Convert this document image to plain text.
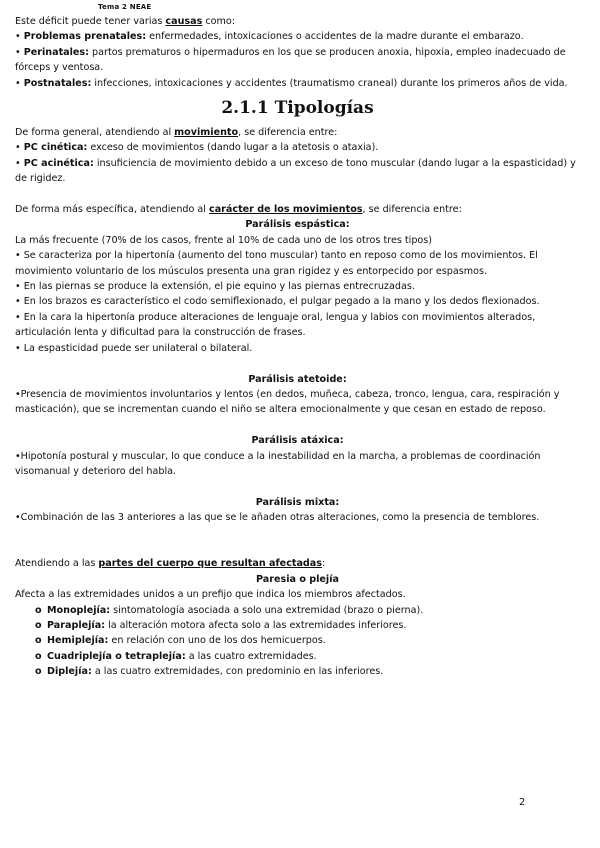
Tema 2 NEAE

Este déficit puede tener varias causas como:

• Problemas prenatales: enfermedades, intoxicaciones o accidentes de la madre durante el embarazo.

• Perinatales: partos prematuros o hipermaduros en los que se producen anoxia, hipoxia, empleo inadecuado de fórceps y ventosa.

• Postnatales: infecciones, intoxicaciones y accidentes (traumatismo craneal) durante los primeros años de vida.

2.1.1 Tipologías

De forma general, atendiendo al movimiento, se diferencia entre:

• PC cinética: exceso de movimientos (dando lugar a la atetosis o ataxia).

• PC acinética: insuficiencia de movimiento debido a un exceso de tono muscular (dando lugar a la espasticidad) y de rigidez.

De forma más específica, atendiendo al carácter de los movimientos, se diferencia entre:

Parálisis espástica:

La más frecuente (70% de los casos, frente al 10% de cada uno de los otros tres tipos)

• Se caracteriza por la hipertonía (aumento del tono muscular) tanto en reposo como de los movimientos. El movimiento voluntario de los músculos presenta una gran rigidez y es entorpecido por espasmos.

• En las piernas se produce la extensión, el pie equino y las piernas entrecruzadas.

• En los brazos es característico el codo semiflexionado, el pulgar pegado a la mano y los dedos flexionados.

• En la cara la hipertonía produce alteraciones de lenguaje oral, lengua y labios con movimientos alterados, articulación lenta y dificultad para la construcción de frases.

• La espasticidad puede ser unilateral o bilateral.

Parálisis atetoide:

•Presencia de movimientos involuntarios y lentos (en dedos, muñeca, cabeza, tronco, lengua, cara, respiración y masticación), que se incrementan cuando el niño se altera emocionalmente y que cesan en estado de reposo.

Parálisis atáxica:

•Hipotonía postural y muscular, lo que conduce a la inestabilidad en la marcha, a problemas de coordinación visomanual y deterioro del habla.

Parálisis mixta:

•Combinación de las 3 anteriores a las que se le añaden otras alteraciones, como la presencia de temblores.

Atendiendo a las partes del cuerpo que resultan afectadas:

Paresia o plejía

Afecta a las extremidades unidos a un prefijo que indica los miembros afectados.

o Monoplejía: sintomatología asociada a solo una extremidad (brazo o pierna).
o Paraplejía: la alteración motora afecta solo a las extremidades inferiores.
o Hemiplejía: en relación con uno de los dos hemicuerpos.
o Cuadriplejía o tetraplejía: a las cuatro extremidades.
o Diplejía: a las cuatro extremidades, con predominio en las inferiores.
2
